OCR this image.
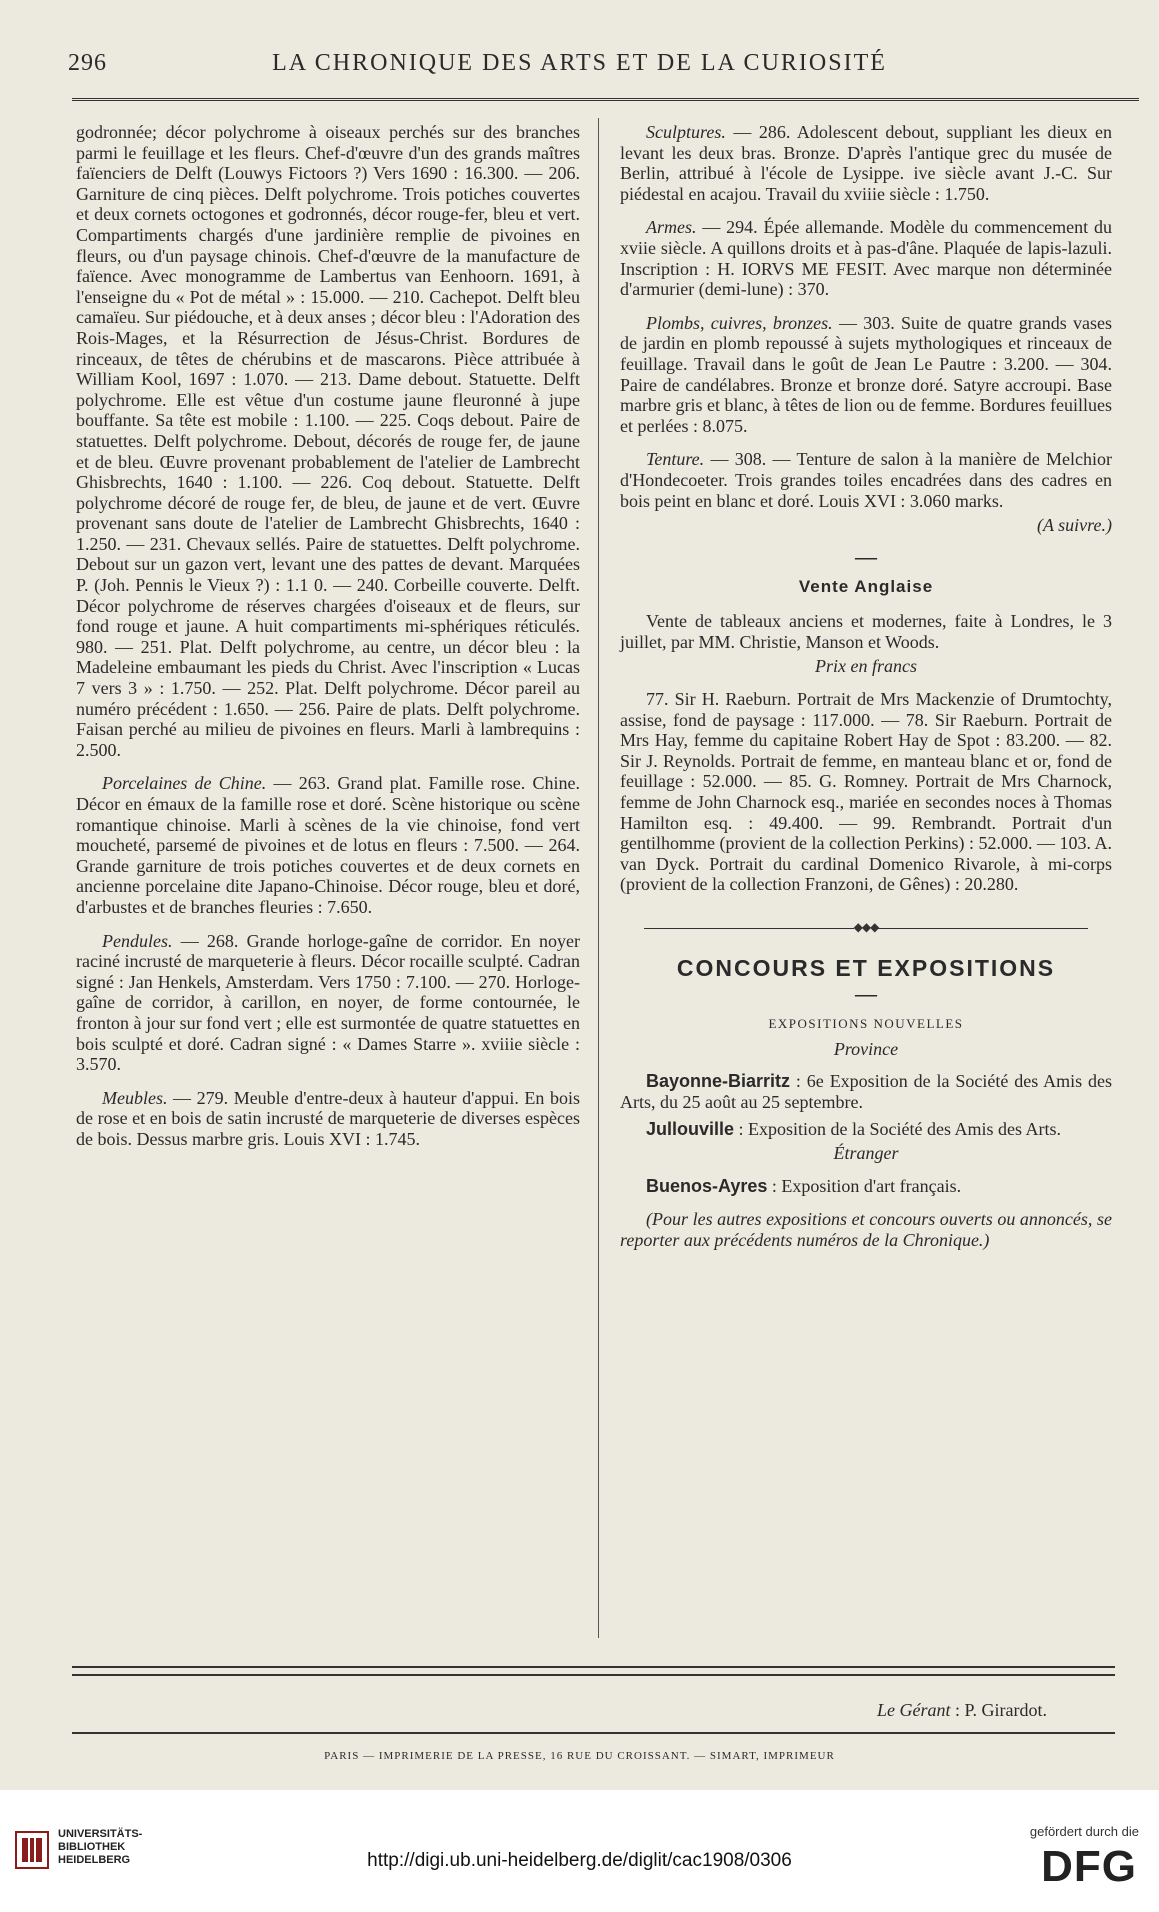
296	LA CHRONIQUE DES ARTS ET DE LA CURIOSITÉ

godronnée; décor polychrome à oiseaux perchés sur des branches parmi le feuillage et les fleurs. Chef-d'œuvre d'un des grands maîtres faïenciers de Delft (Louwys Fictoors ?) Vers 1690 : 16.300. — 206. Garniture de cinq pièces. Delft polychrome. Trois potiches couvertes et deux cornets octogones et godronnés, décor rouge-fer, bleu et vert. Compartiments chargés d'une jardinière remplie de pivoines en fleurs, ou d'un paysage chinois. Chef-d'œuvre de la manufacture de faïence. Avec monogramme de Lambertus van Eenhoorn. 1691, à l'enseigne du « Pot de métal » : 15.000. — 210. Cachepot. Delft bleu camaïeu. Sur piédouche, et à deux anses ; décor bleu : l'Adoration des Rois-Mages, et la Résurrection de Jésus-Christ. Bordures de rinceaux, de têtes de chérubins et de mascarons. Pièce attribuée à William Kool, 1697 : 1.070. — 213. Dame debout. Statuette. Delft polychrome. Elle est vêtue d'un costume jaune fleuronné à jupe bouffante. Sa tête est mobile : 1.100. — 225. Coqs debout. Paire de statuettes. Delft polychrome. Debout, décorés de rouge fer, de jaune et de bleu. Œuvre provenant probablement de l'atelier de Lambrecht Ghisbrechts, 1640 : 1.100. — 226. Coq debout. Statuette. Delft polychrome décoré de rouge fer, de bleu, de jaune et de vert. Œuvre provenant sans doute de l'atelier de Lambrecht Ghisbrechts, 1640 : 1.250. — 231. Chevaux sellés. Paire de statuettes. Delft polychrome. Debout sur un gazon vert, levant une des pattes de devant. Marquées P. (Joh. Pennis le Vieux ?) : 1.1 0. — 240. Corbeille couverte. Delft. Décor polychrome de réserves chargées d'oiseaux et de fleurs, sur fond rouge et jaune. A huit compartiments mi-sphériques réticulés. 980. — 251. Plat. Delft polychrome, au centre, un décor bleu : la Madeleine embaumant les pieds du Christ. Avec l'inscription « Lucas 7 vers 3 » : 1.750. — 252. Plat. Delft polychrome. Décor pareil au numéro précédent : 1.650. — 256. Paire de plats. Delft polychrome. Faisan perché au milieu de pivoines en fleurs. Marli à lambrequins : 2.500.

Porcelaines de Chine. — 263. Grand plat. Famille rose. Chine. Décor en émaux de la famille rose et doré. Scène historique ou scène romantique chinoise. Marli à scènes de la vie chinoise, fond vert moucheté, parsemé de pivoines et de lotus en fleurs : 7.500. — 264. Grande garniture de trois potiches couvertes et de deux cornets en ancienne porcelaine dite Japano-Chinoise. Décor rouge, bleu et doré, d'arbustes et de branches fleuries : 7.650.

Pendules. — 268. Grande horloge-gaîne de corridor. En noyer raciné incrusté de marqueterie à fleurs. Décor rocaille sculpté. Cadran signé : Jan Henkels, Amsterdam. Vers 1750 : 7.100. — 270. Horloge-gaîne de corridor, à carillon, en noyer, de forme contournée, le fronton à jour sur fond vert ; elle est surmontée de quatre statuettes en bois sculpté et doré. Cadran signé : « Dames Starre ». xviiie siècle : 3.570.

Meubles. — 279. Meuble d'entre-deux à hauteur d'appui. En bois de rose et en bois de satin incrusté de marqueterie de diverses espèces de bois. Dessus marbre gris. Louis XVI : 1.745.

Sculptures. — 286. Adolescent debout, suppliant les dieux en levant les deux bras. Bronze. D'après l'antique grec du musée de Berlin, attribué à l'école de Lysippe. ive siècle avant J.-C. Sur piédestal en acajou. Travail du xviiie siècle : 1.750.

Armes. — 294. Épée allemande. Modèle du commencement du xviie siècle. A quillons droits et à pas-d'âne. Plaquée de lapis-lazuli. Inscription : H. IORVS ME FESIT. Avec marque non déterminée d'armurier (demi-lune) : 370.

Plombs, cuivres, bronzes. — 303. Suite de quatre grands vases de jardin en plomb repoussé à sujets mythologiques et rinceaux de feuillage. Travail dans le goût de Jean Le Pautre : 3.200. — 304. Paire de candélabres. Bronze et bronze doré. Satyre accroupi. Base marbre gris et blanc, à têtes de lion ou de femme. Bordures feuillues et perlées : 8.075.

Tenture. — 308. — Tenture de salon à la manière de Melchior d'Hondecoeter. Trois grandes toiles encadrées dans des cadres en bois peint en blanc et doré. Louis XVI : 3.060 marks.

(A suivre.)

—
Vente Anglaise

Vente de tableaux anciens et modernes, faite à Londres, le 3 juillet, par MM. Christie, Manson et Woods.

Prix en francs

77. Sir H. Raeburn. Portrait de Mrs Mackenzie of Drumtochty, assise, fond de paysage : 117.000. — 78. Sir Raeburn. Portrait de Mrs Hay, femme du capitaine Robert Hay de Spot : 83.200. — 82. Sir J. Reynolds. Portrait de femme, en manteau blanc et or, fond de feuillage : 52.000. — 85. G. Romney. Portrait de Mrs Charnock, femme de John Charnock esq., mariée en secondes noces à Thomas Hamilton esq. : 49.400. — 99. Rembrandt. Portrait d'un gentilhomme (provient de la collection Perkins) : 52.000. — 103. A. van Dyck. Portrait du cardinal Domenico Rivarole, à mi-corps (provient de la collection Franzoni, de Gênes) : 20.280.

◆◆◆
CONCOURS ET EXPOSITIONS
—
EXPOSITIONS NOUVELLES
Province

Bayonne-Biarritz : 6e Exposition de la Société des Amis des Arts, du 25 août au 25 septembre.

Jullouville : Exposition de la Société des Amis des Arts.

Étranger

Buenos-Ayres : Exposition d'art français.

(Pour les autres expositions et concours ouverts ou annoncés, se reporter aux précédents numéros de la Chronique.)

Le Gérant : P. Girardot.
PARIS — IMPRIMERIE DE LA PRESSE, 16 RUE DU CROISSANT. — SIMART, IMPRIMEUR
UNIVERSITÄTS-
BIBLIOTHEK
HEIDELBERG	http://digi.ub.uni-heidelberg.de/diglit/cac1908/0306
gefördert durch die
DFG
